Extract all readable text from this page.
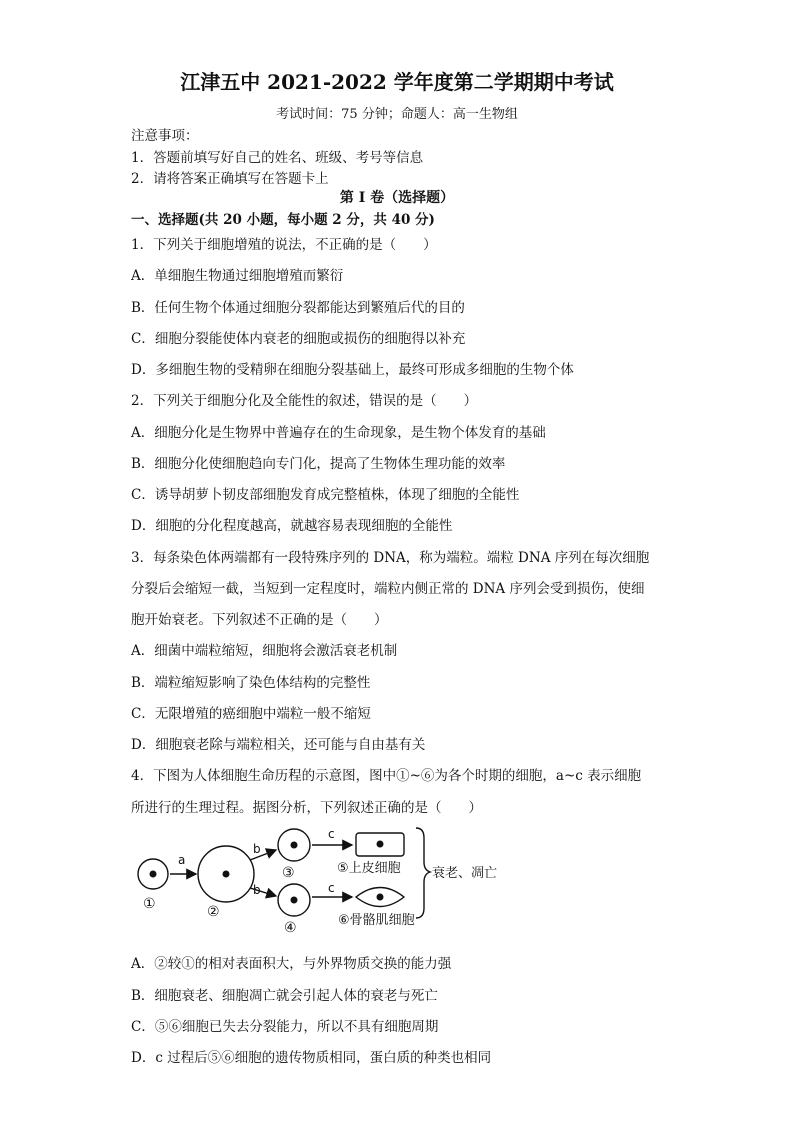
江津五中 2021-2022 学年度第二学期期中考试
考试时间：75 分钟；命题人：高一生物组
注意事项：
1．答题前填写好自己的姓名、班级、考号等信息
2．请将答案正确填写在答题卡上
第 I 卷（选择题）
一、选择题(共 20 小题，每小题 2 分，共 40 分)
1．下列关于细胞增殖的说法，不正确的是（　　）
A．单细胞生物通过细胞增殖而繁衍
B．任何生物个体通过细胞分裂都能达到繁殖后代的目的
C．细胞分裂能使体内衰老的细胞或损伤的细胞得以补充
D．多细胞生物的受精卵在细胞分裂基础上，最终可形成多细胞的生物个体
2．下列关于细胞分化及全能性的叙述，错误的是（　　）
A．细胞分化是生物界中普遍存在的生命现象，是生物个体发育的基础
B．细胞分化使细胞趋向专门化，提高了生物体生理功能的效率
C．诱导胡萝卜韧皮部细胞发育成完整植株，体现了细胞的全能性
D．细胞的分化程度越高，就越容易表现细胞的全能性
3．每条染色体两端都有一段特殊序列的 DNA，称为端粒。端粒 DNA 序列在每次细胞
分裂后会缩短一截，当短到一定程度时，端粒内侧正常的 DNA 序列会受到损伤，使细
胞开始衰老。下列叙述不正确的是（　　）
A．细菌中端粒缩短，细胞将会激活衰老机制
B．端粒缩短影响了染色体结构的完整性
C．无限增殖的癌细胞中端粒一般不缩短
D．细胞衰老除与端粒相关，还可能与自由基有关
4．下图为人体细胞生命历程的示意图，图中①~⑥为各个时期的细胞，a~c 表示细胞
所进行的生理过程。据图分析，下列叙述正确的是（　　）
①	②
③
④
a
b
b
c
c
⑤上皮细胞
⑥骨骼肌细胞
衰老、凋亡
A．②较①的相对表面积大，与外界物质交换的能力强
B．细胞衰老、细胞凋亡就会引起人体的衰老与死亡
C．⑤⑥细胞已失去分裂能力，所以不具有细胞周期
D．c 过程后⑤⑥细胞的遗传物质相同，蛋白质的种类也相同
